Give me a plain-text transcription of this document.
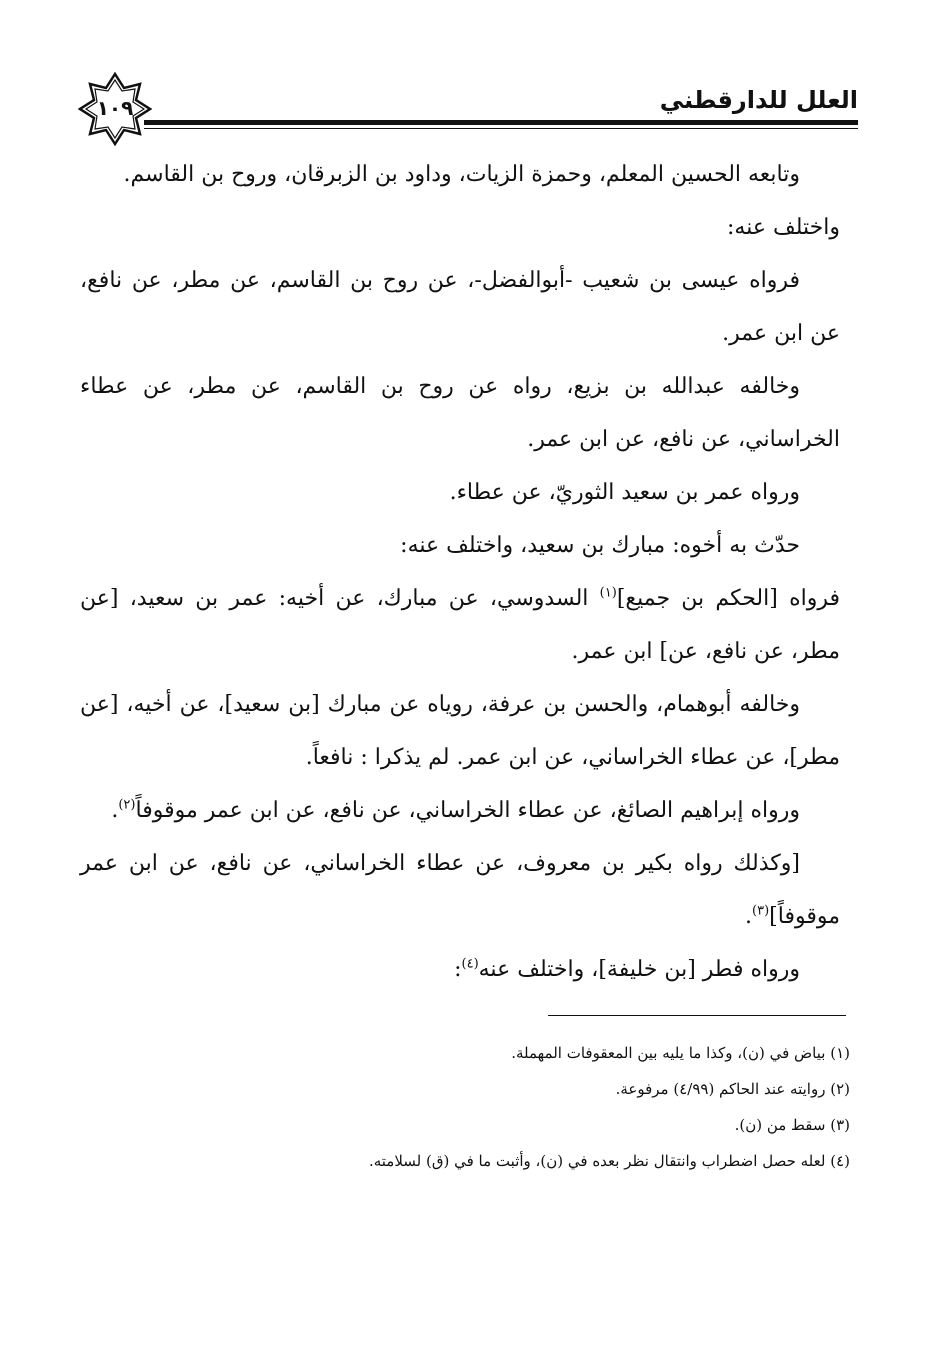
العلل للدارقطني
١٠٩

وتابعه الحسين المعلم، وحمزة الزيات، وداود بن الزبرقان، وروح بن القاسم.

واختلف عنه:

فرواه عيسى بن شعيب -أبوالفضل-، عن روح بن القاسم، عن مطر، عن نافع، عن ابن عمر.

وخالفه عبدالله بن بزيع، رواه عن روح بن القاسم، عن مطر، عن عطاء الخراساني، عن نافع، عن ابن عمر.

ورواه عمر بن سعيد الثوريّ، عن عطاء.

حدّث به أخوه: مبارك بن سعيد، واختلف عنه:

فرواه [الحكم بن جميع]$^{(١)}$ السدوسي، عن مبارك، عن أخيه: عمر بن سعيد، [عن مطر، عن نافع، عن] ابن عمر.

وخالفه أبوهمام، والحسن بن عرفة، روياه عن مبارك [بن سعيد]، عن أخيه، [عن مطر]، عن عطاء الخراساني، عن ابن عمر. لم يذكرا : نافعاً.

ورواه إبراهيم الصائغ، عن عطاء الخراساني، عن نافع، عن ابن عمر موقوفاً$^{(٢)}$.

[وكذلك رواه بكير بن معروف، عن عطاء الخراساني، عن نافع، عن ابن عمر موقوفاً]$^{(٣)}$.

ورواه فطر [بن خليفة]، واختلف عنه$^{(٤)}$:

(١) بياض في (ن)، وكذا ما يليه بين المعقوفات المهملة.

(٢) روايته عند الحاكم (٤/٩٩) مرفوعة.

(٣) سقط من (ن).

(٤) لعله حصل اضطراب وانتقال نظر بعده في (ن)، وأثبت ما في (ق) لسلامته.
